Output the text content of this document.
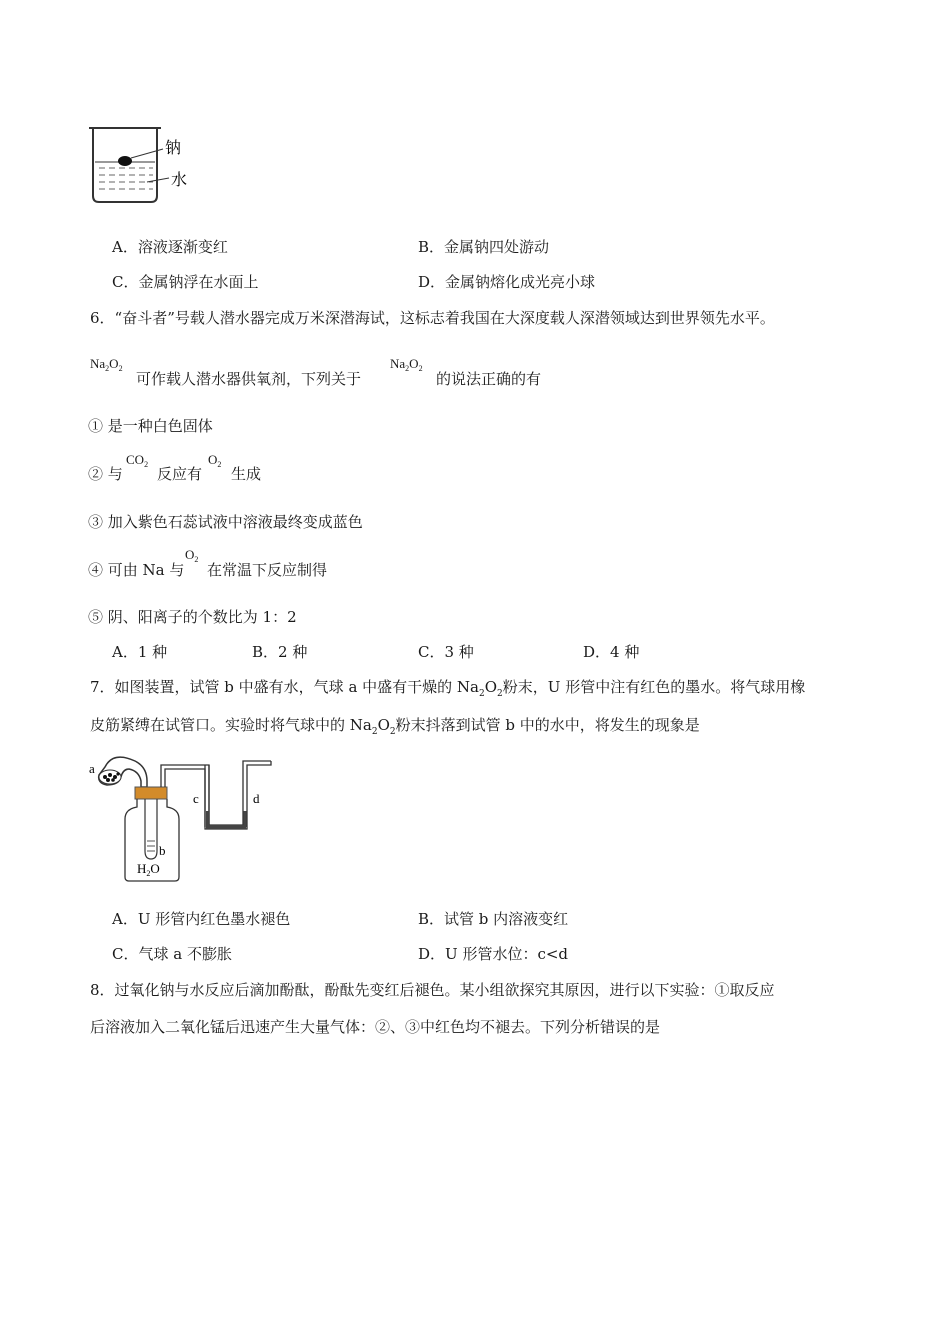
钠
水
A．溶液逐渐变红	B．金属钠四处游动
C．金属钠浮在水面上	D．金属钠熔化成光亮小球
6．“奋斗者”号载人潜水器完成万米深潜海试，这标志着我国在大深度载人深潜领域达到世界领先水平。
$Na_2O_2$
可作载人潜水器供氧剂，下列关于
$Na_2O_2$
的说法正确的有
① 是一种白色固体
② 与
$CO_2$
反应有
$O_2$
生成
③ 加入紫色石蕊试液中溶液最终变成蓝色
④ 可由 Na 与
$O_2$
在常温下反应制得
⑤ 阴、阳离子的个数比为 1：2
A．1 种	B．2 种	C．3 种	D．4 种
7．如图装置，试管 b 中盛有水，气球 a 中盛有干燥的 $Na_2O_2$粉末，U 形管中注有红色的墨水。将气球用橡
皮筋紧缚在试管口。实验时将气球中的 $Na_2O_2$粉末抖落到试管 b 中的水中，将发生的现象是
a
b
c	d
$H_2O$
A．U 形管内红色墨水褪色	B．试管 b 内溶液变红
C．气球 a 不膨胀	D．U 形管水位：c<d
8．过氧化钠与水反应后滴加酚酞，酚酞先变红后褪色。某小组欲探究其原因，进行以下实验：①取反应
后溶液加入二氧化锰后迅速产生大量气体：②、③中红色均不褪去。下列分析错误的是
